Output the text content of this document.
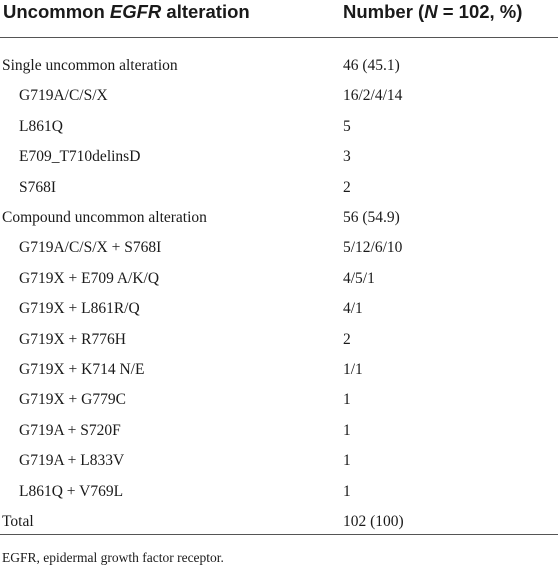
Uncommon EGFR alteration	Number (N = 102, %)
Single uncommon alteration	46 (45.1)
G719A/C/S/X	16/2/4/14
L861Q	5
E709_T710delinsD	3
S768I	2
Compound uncommon alteration	56 (54.9)
G719A/C/S/X + S768I	5/12/6/10
G719X + E709 A/K/Q	4/5/1
G719X + L861R/Q	4/1
G719X + R776H	2
G719X + K714 N/E	1/1
G719X + G779C	1
G719A + S720F	1
G719A + L833V	1
L861Q + V769L	1
Total	102 (100)
EGFR, epidermal growth factor receptor.
